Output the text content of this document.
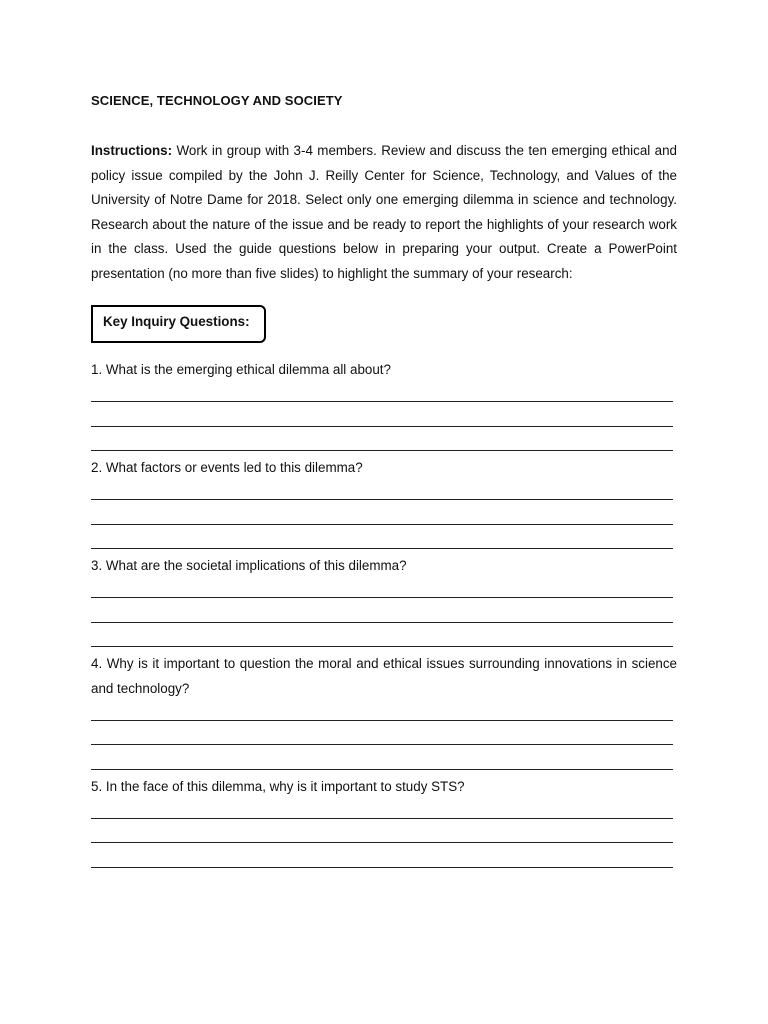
SCIENCE, TECHNOLOGY AND SOCIETY
Instructions: Work in group with 3-4 members. Review and discuss the ten emerging ethical and policy issue compiled by the John J. Reilly Center for Science, Technology, and Values of the University of Notre Dame for 2018. Select only one emerging dilemma in science and technology. Research about the nature of the issue and be ready to report the highlights of your research work in the class. Used the guide questions below in preparing your output. Create a PowerPoint presentation (no more than five slides) to highlight the summary of your research:
Key Inquiry Questions:
1. What is the emerging ethical dilemma all about?
2. What factors or events led to this dilemma?
3. What are the societal implications of this dilemma?
4. Why is it important to question the moral and ethical issues surrounding innovations in science and technology?
5. In the face of this dilemma, why is it important to study STS?
